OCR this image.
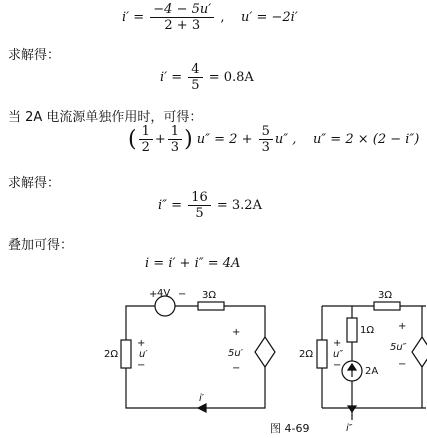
$i' = \frac{-4 - 5u'}{2 + 3}$ , u′ = −2i′
求解得：
$i' = \frac{4}{5} = 0.8A$
当 2A 电流源单独作用时，可得：
( $\frac{1}{2} + \frac{1}{3}$ ) $u'' = 2 + \frac{5}{3} u''$ , u″ = 2 × (2 − i″)
求解得：
$i'' = \frac{16}{5} = 3.2A$
叠加可得：
i = i′ + i″ = 4A
+ 4V − 3Ω
2Ω
+
u′
−
+
5u′
−
i′
3Ω
1Ω
2Ω
+
u″
−
2A
+
5u″
−
i″
图 4-69
